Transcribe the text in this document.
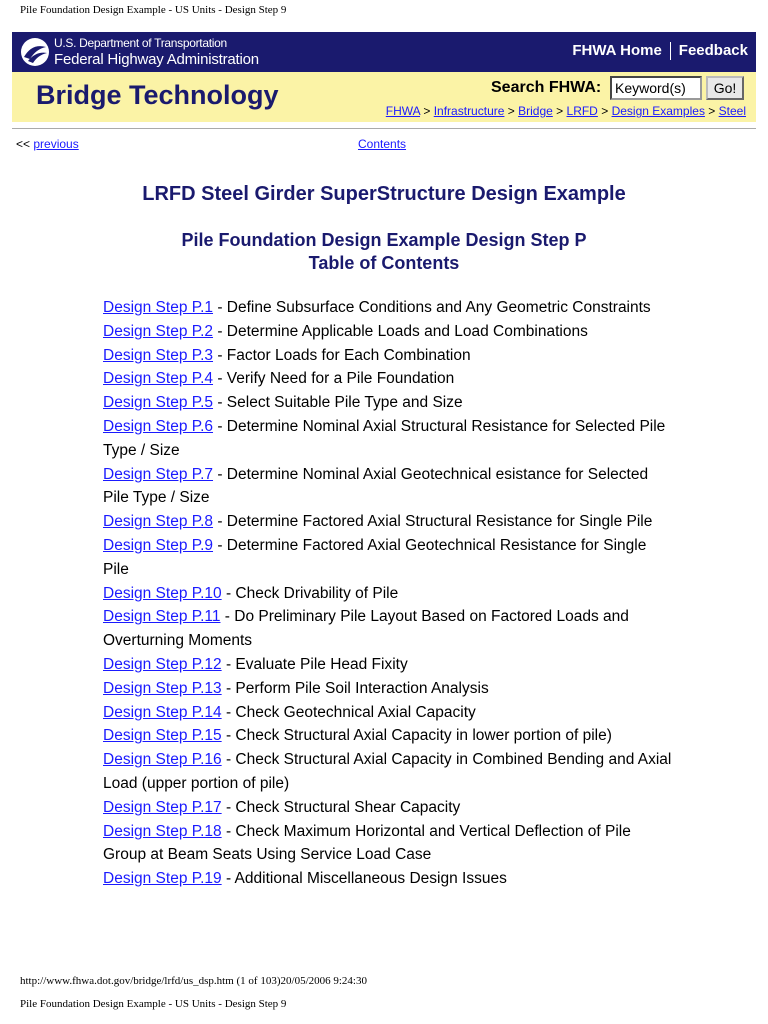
Pile Foundation Design Example - US Units - Design Step 9
U.S. Department of Transportation
Federal Highway Administration
FHWA Home Feedback
Bridge Technology	Search FHWA:
Keyword(s)	Go!
FHWA > Infrastructure > Bridge > LRFD > Design Examples > Steel
<< previous	Contents
LRFD Steel Girder SuperStructure Design Example
Pile Foundation Design Example Design Step P
Table of Contents
Design Step P.1 - Define Subsurface Conditions and Any Geometric Constraints
Design Step P.2 - Determine Applicable Loads and Load Combinations
Design Step P.3 - Factor Loads for Each Combination
Design Step P.4 - Verify Need for a Pile Foundation
Design Step P.5 - Select Suitable Pile Type and Size
Design Step P.6 - Determine Nominal Axial Structural Resistance for Selected Pile Type / Size
Design Step P.7 - Determine Nominal Axial Geotechnical esistance for Selected Pile Type / Size
Design Step P.8 - Determine Factored Axial Structural Resistance for Single Pile
Design Step P.9 - Determine Factored Axial Geotechnical Resistance for Single Pile
Design Step P.10 - Check Drivability of Pile
Design Step P.11 - Do Preliminary Pile Layout Based on Factored Loads and Overturning Moments
Design Step P.12 - Evaluate Pile Head Fixity
Design Step P.13 - Perform Pile Soil Interaction Analysis
Design Step P.14 - Check Geotechnical Axial Capacity
Design Step P.15 - Check Structural Axial Capacity in lower portion of pile)
Design Step P.16 - Check Structural Axial Capacity in Combined Bending and Axial Load (upper portion of pile)
Design Step P.17 - Check Structural Shear Capacity
Design Step P.18 - Check Maximum Horizontal and Vertical Deflection of Pile Group at Beam Seats Using Service Load Case
Design Step P.19 - Additional Miscellaneous Design Issues
http://www.fhwa.dot.gov/bridge/lrfd/us_dsp.htm (1 of 103)20/05/2006 9:24:30
Pile Foundation Design Example - US Units - Design Step 9
